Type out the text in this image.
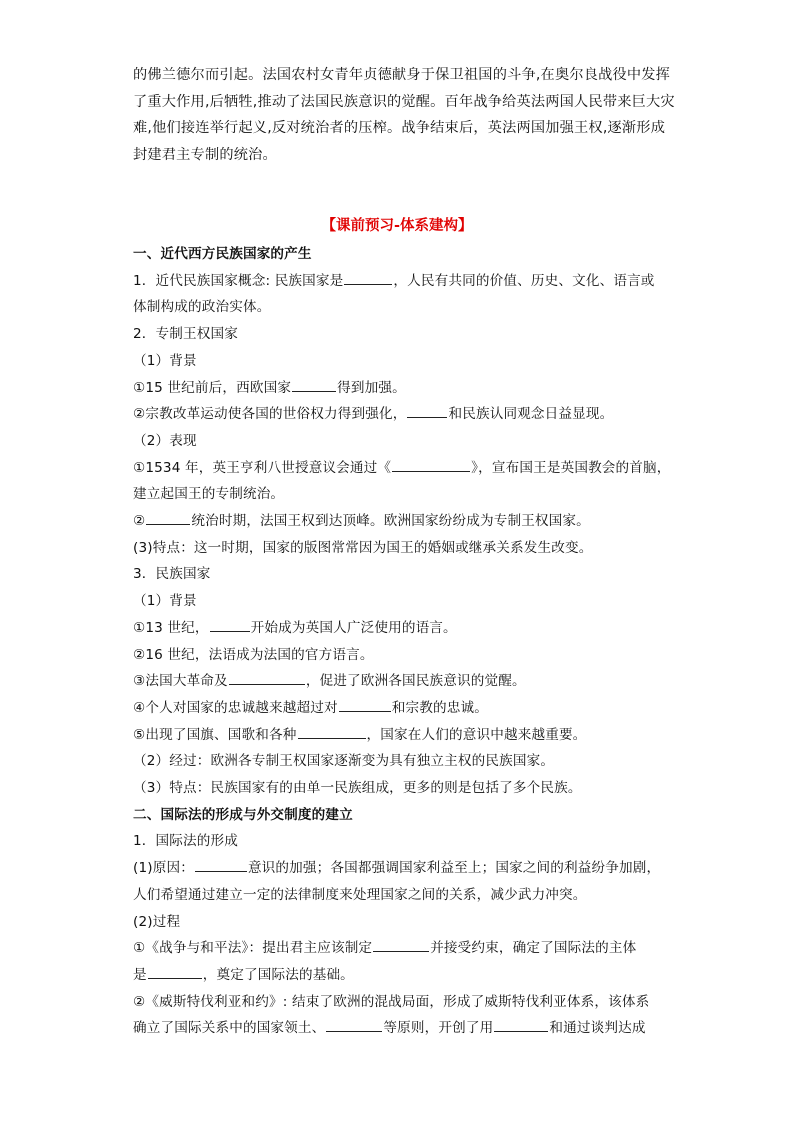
的佛兰德尔而引起。法国农村女青年贞德献身于保卫祖国的斗争,在奥尔良战役中发挥
了重大作用,后牺牲,推动了法国民族意识的觉醒。百年战争给英法两国人民带来巨大灾
难,他们接连举行起义,反对统治者的压榨。战争结束后，英法两国加强王权,逐渐形成
封建君主专制的统治。
【课前预习-体系建构】
一、近代西方民族国家的产生
1．近代民族国家概念: 民族国家是	，人民有共同的价值、历史、文化、语言或
体制构成的政治实体。
2．专制王权国家
（1）背景
①15 世纪前后，西欧国家	得到加强。
②宗教改革运动使各国的世俗权力得到强化，	和民族认同观念日益显现。
（2）表现
①1534 年，英王亨利八世授意议会通过《	》，宣布国王是英国教会的首脑，
建立起国王的专制统治。
②	统治时期，法国王权到达顶峰。欧洲国家纷纷成为专制王权国家。
(3)特点：这一时期，国家的版图常常因为国王的婚姻或继承关系发生改变。
3．民族国家
（1）背景
①13 世纪，	开始成为英国人广泛使用的语言。
②16 世纪，法语成为法国的官方语言。
③法国大革命及	，促进了欧洲各国民族意识的觉醒。
④个人对国家的忠诚越来越超过对	和宗教的忠诚。
⑤出现了国旗、国歌和各种	，国家在人们的意识中越来越重要。
（2）经过：欧洲各专制王权国家逐渐变为具有独立主权的民族国家。
（3）特点：民族国家有的由单一民族组成，更多的则是包括了多个民族。
二、国际法的形成与外交制度的建立
1．国际法的形成
(1)原因：	意识的加强；各国都强调国家利益至上；国家之间的利益纷争加剧，
人们希望通过建立一定的法律制度来处理国家之间的关系，减少武力冲突。
(2)过程
①《战争与和平法》：提出君主应该制定	并接受约束，确定了国际法的主体
是	，奠定了国际法的基础。
②《威斯特伐利亚和约》: 结束了欧洲的混战局面，形成了威斯特伐利亚体系，该体系
确立了国际关系中的国家领土、	等原则，开创了用	和通过谈判达成
